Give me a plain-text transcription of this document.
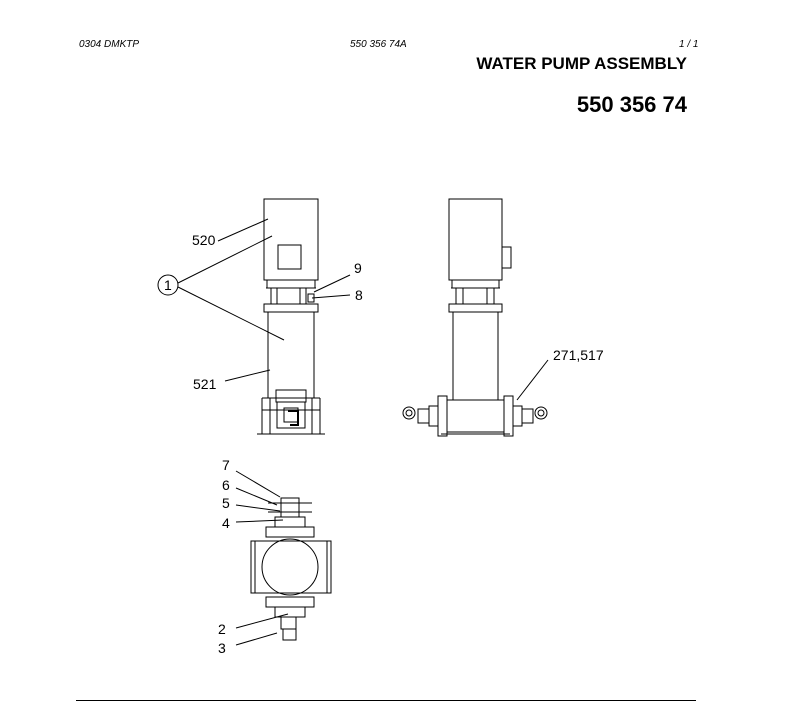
0304 DMKTP	550 356 74A	1 / 1
WATER PUMP ASSEMBLY
550 356 74
520
1
9
8
521
271,517
7
6
5
4
2
3
